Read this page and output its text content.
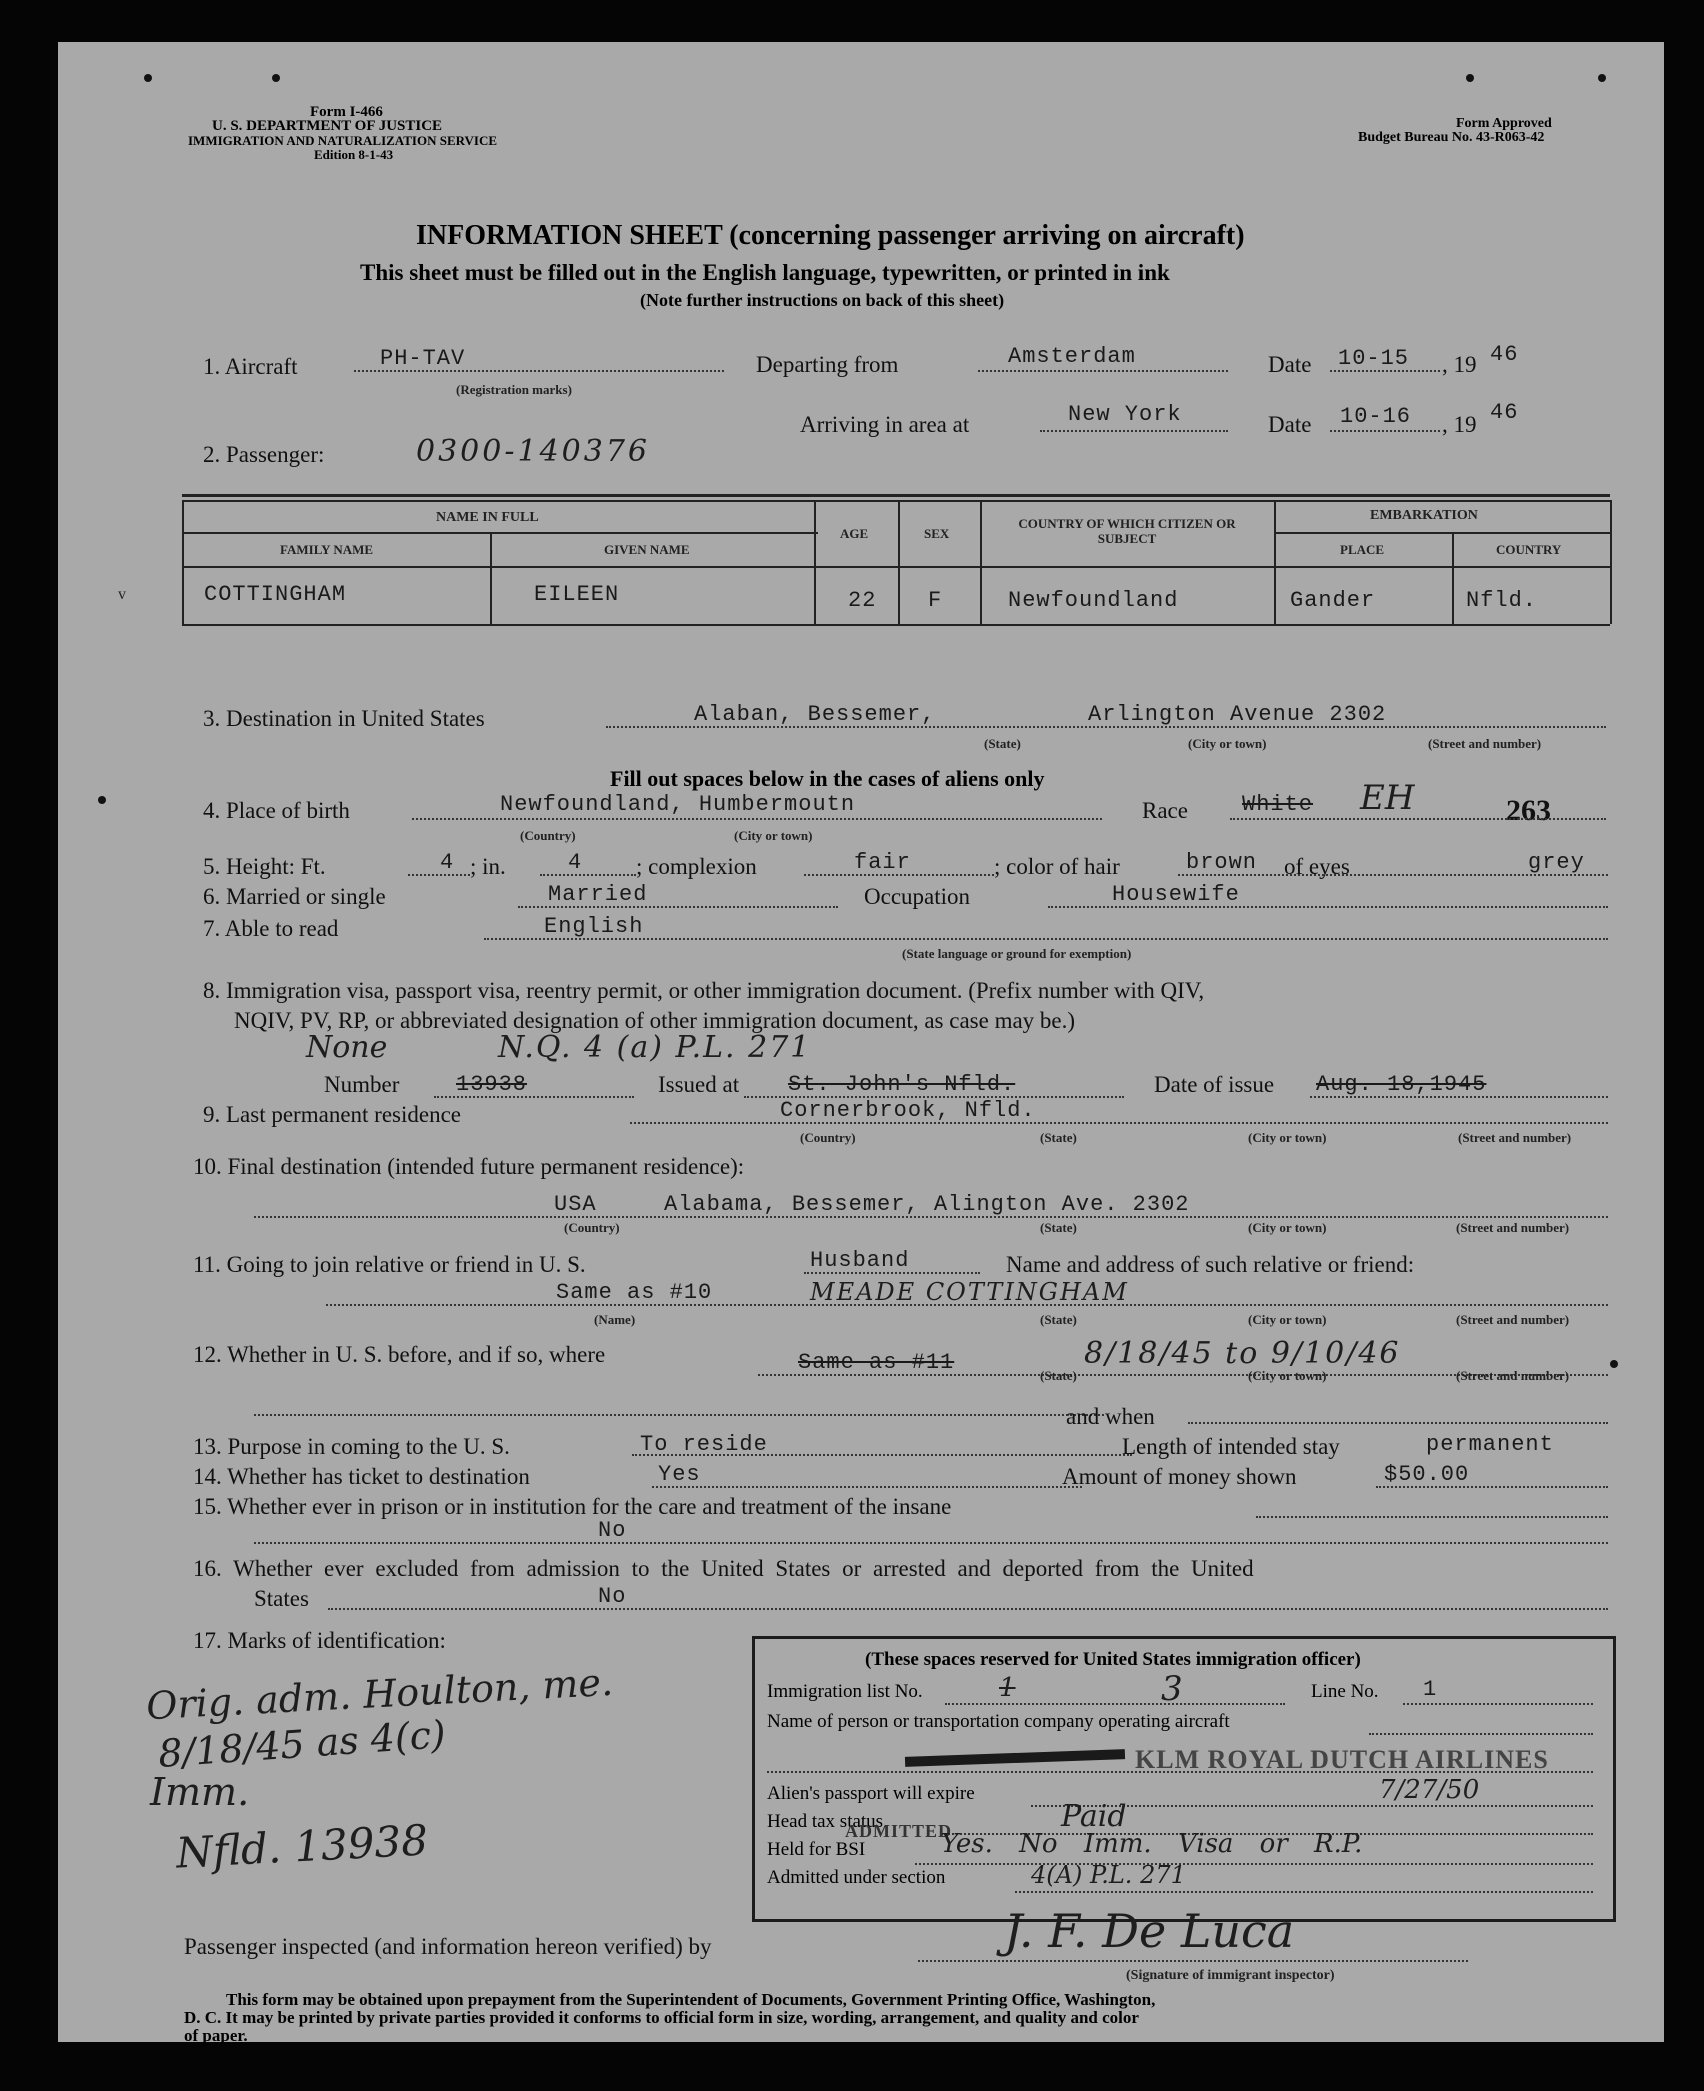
Form I-466
U. S. DEPARTMENT OF JUSTICE
IMMIGRATION AND NATURALIZATION SERVICE
Edition 8-1-43
Form Approved
Budget Bureau No. 43-R063-42
INFORMATION SHEET (concerning passenger arriving on aircraft)
This sheet must be filled out in the English language, typewritten, or printed in ink
(Note further instructions on back of this sheet)
1. Aircraft	PH-TAV
(Registration marks)
Departing from	Amsterdam	Date 10-15 , 19 46
Arriving in area at	New York	Date 10-16 , 19 46
2. Passenger:	0300-140376
NAME IN FULL
FAMILY NAME	GIVEN NAME
AGE	SEX
COUNTRY OF WHICH CITIZEN OR SUBJECT
EMBARKATION
PLACE	COUNTRY
COTTINGHAM	EILEEN	22 F	Newfoundland	Gander	Nfld.
v
3. Destination in United States	Alaban, Bessemer,	Arlington Avenue 2302
(State)	(City or town)	(Street and number)
Fill out spaces below in the cases of aliens only
4. Place of birth	Newfoundland, Humbermoutn
(Country)	(City or town)
Race White EH	263
5. Height: Ft.	4 ; in.	4 ; complexion	fair	; color of hair	brown of eyes	grey
6. Married or single	Married	Occupation	Housewife
7. Able to read	English
(State language or ground for exemption)
8. Immigration visa, passport visa, reentry permit, or other immigration document. (Prefix number with QIV,
NQIV, PV, RP, or abbreviated designation of other immigration document, as case may be.)
None	N.Q. 4 (a) P.L. 271
Number	13938	Issued at St. John's Nfld.	Date of issue Aug. 18,1945
9. Last permanent residence	Cornerbrook, Nfld.
(Country)	(State)	(City or town)	(Street and number)
10. Final destination (intended future permanent residence):
USA	Alabama, Bessemer, Alington Ave. 2302
(Country)	(State)	(City or town)	(Street and number)
11. Going to join relative or friend in U. S.	Husband	Name and address of such relative or friend:
Same as #10	MEADE COTTINGHAM
(Name)	(State)	(City or town)	(Street and number)
12. Whether in U. S. before, and if so, where	Same as #11	8/18/45 to 9/10/46
(State)	(City or town)	(Street and number)
and when
13. Purpose in coming to the U. S.	To reside	Length of intended stay	permanent
14. Whether has ticket to destination	Yes	Amount of money shown	$50.00
15. Whether ever in prison or in institution for the care and treatment of the insane
No
16. Whether ever excluded from admission to the United States or arrested and deported from the United
States	No
17. Marks of identification:
Orig. adm. Houlton, me.
8/18/45 as 4(c)
Imm.
Nfld. 13938
(These spaces reserved for United States immigration officer)
Immigration list No.	1	3	Line No. 1
Name of person or transportation company operating aircraft
KLM ROYAL DUTCH AIRLINES
Alien's passport will expire	7/27/50
Head tax status	Paid
Held for BSI
ADMITTED
Yes. No Imm. Visa or R.P.
Admitted under section	4(A) P.L. 271
Passenger inspected (and information hereon verified) by	J. F. De Luca
(Signature of immigrant inspector)
This form may be obtained upon prepayment from the Superintendent of Documents, Government Printing Office, Washington,
D. C. It may be printed by private parties provided it conforms to official form in size, wording, arrangement, and quality and color
of paper.
